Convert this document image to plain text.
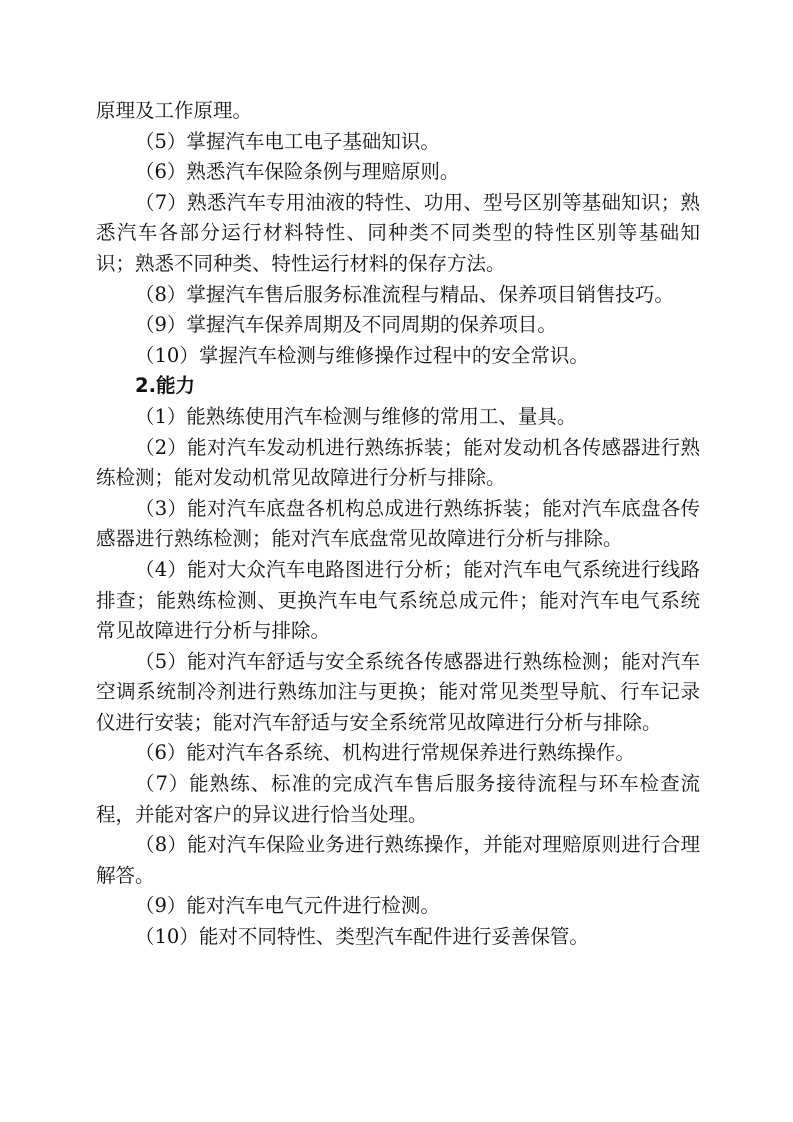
原理及工作原理。

（5）掌握汽车电工电子基础知识。

（6）熟悉汽车保险条例与理赔原则。

（7）熟悉汽车专用油液的特性、功用、型号区别等基础知识；熟悉汽车各部分运行材料特性、同种类不同类型的特性区别等基础知识；熟悉不同种类、特性运行材料的保存方法。

（8）掌握汽车售后服务标准流程与精品、保养项目销售技巧。

（9）掌握汽车保养周期及不同周期的保养项目。

（10）掌握汽车检测与维修操作过程中的安全常识。

2.能力

（1）能熟练使用汽车检测与维修的常用工、量具。

（2）能对汽车发动机进行熟练拆装；能对发动机各传感器进行熟练检测；能对发动机常见故障进行分析与排除。

（3）能对汽车底盘各机构总成进行熟练拆装；能对汽车底盘各传感器进行熟练检测；能对汽车底盘常见故障进行分析与排除。

（4）能对大众汽车电路图进行分析；能对汽车电气系统进行线路排查；能熟练检测、更换汽车电气系统总成元件；能对汽车电气系统常见故障进行分析与排除。

（5）能对汽车舒适与安全系统各传感器进行熟练检测；能对汽车空调系统制冷剂进行熟练加注与更换；能对常见类型导航、行车记录仪进行安装；能对汽车舒适与安全系统常见故障进行分析与排除。

（6）能对汽车各系统、机构进行常规保养进行熟练操作。

（7）能熟练、标准的完成汽车售后服务接待流程与环车检查流程，并能对客户的异议进行恰当处理。

（8）能对汽车保险业务进行熟练操作，并能对理赔原则进行合理解答。

（9）能对汽车电气元件进行检测。

（10）能对不同特性、类型汽车配件进行妥善保管。
